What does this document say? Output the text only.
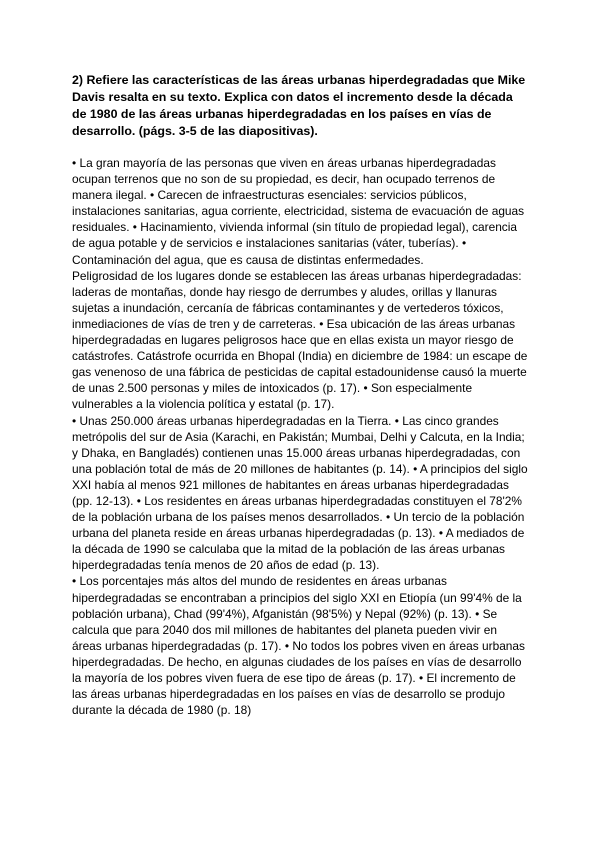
2) Refiere las características de las áreas urbanas hiperdegradadas que Mike Davis resalta en su texto. Explica con datos el incremento desde la década de 1980 de las áreas urbanas hiperdegradadas en los países en vías de desarrollo. (págs. 3-5 de las diapositivas).

• La gran mayoría de las personas que viven en áreas urbanas hiperdegradadas ocupan terrenos que no son de su propiedad, es decir, han ocupado terrenos de manera ilegal. • Carecen de infraestructuras esenciales: servicios públicos, instalaciones sanitarias, agua corriente, electricidad, sistema de evacuación de aguas residuales. • Hacinamiento, vivienda informal (sin título de propiedad legal), carencia de agua potable y de servicios e instalaciones sanitarias (váter, tuberías). • Contaminación del agua, que es causa de distintas enfermedades.

Peligrosidad de los lugares donde se establecen las áreas urbanas hiperdegradadas: laderas de montañas, donde hay riesgo de derrumbes y aludes, orillas y llanuras sujetas a inundación, cercanía de fábricas contaminantes y de vertederos tóxicos, inmediaciones de vías de tren y de carreteras. • Esa ubicación de las áreas urbanas hiperdegradadas en lugares peligrosos hace que en ellas exista un mayor riesgo de catástrofes. Catástrofe ocurrida en Bhopal (India) en diciembre de 1984: un escape de gas venenoso de una fábrica de pesticidas de capital estadounidense causó la muerte de unas 2.500 personas y miles de intoxicados (p. 17). • Son especialmente vulnerables a la violencia política y estatal (p. 17).

• Unas 250.000 áreas urbanas hiperdegradadas en la Tierra. • Las cinco grandes metrópolis del sur de Asia (Karachi, en Pakistán; Mumbai, Delhi y Calcuta, en la India; y Dhaka, en Bangladés) contienen unas 15.000 áreas urbanas hiperdegradadas, con una población total de más de 20 millones de habitantes (p. 14). • A principios del siglo XXI había al menos 921 millones de habitantes en áreas urbanas hiperdegradadas (pp. 12-13). • Los residentes en áreas urbanas hiperdegradadas constituyen el 78'2% de la población urbana de los países menos desarrollados. • Un tercio de la población urbana del planeta reside en áreas urbanas hiperdegradadas (p. 13). • A mediados de la década de 1990 se calculaba que la mitad de la población de las áreas urbanas hiperdegradadas tenía menos de 20 años de edad (p. 13).

• Los porcentajes más altos del mundo de residentes en áreas urbanas hiperdegradadas se encontraban a principios del siglo XXI en Etiopía (un 99'4% de la población urbana), Chad (99'4%), Afganistán (98'5%) y Nepal (92%) (p. 13). • Se calcula que para 2040 dos mil millones de habitantes del planeta pueden vivir en áreas urbanas hiperdegradadas (p. 17). • No todos los pobres viven en áreas urbanas hiperdegradadas. De hecho, en algunas ciudades de los países en vías de desarrollo la mayoría de los pobres viven fuera de ese tipo de áreas (p. 17). • El incremento de las áreas urbanas hiperdegradadas en los países en vías de desarrollo se produjo durante la década de 1980 (p. 18)
